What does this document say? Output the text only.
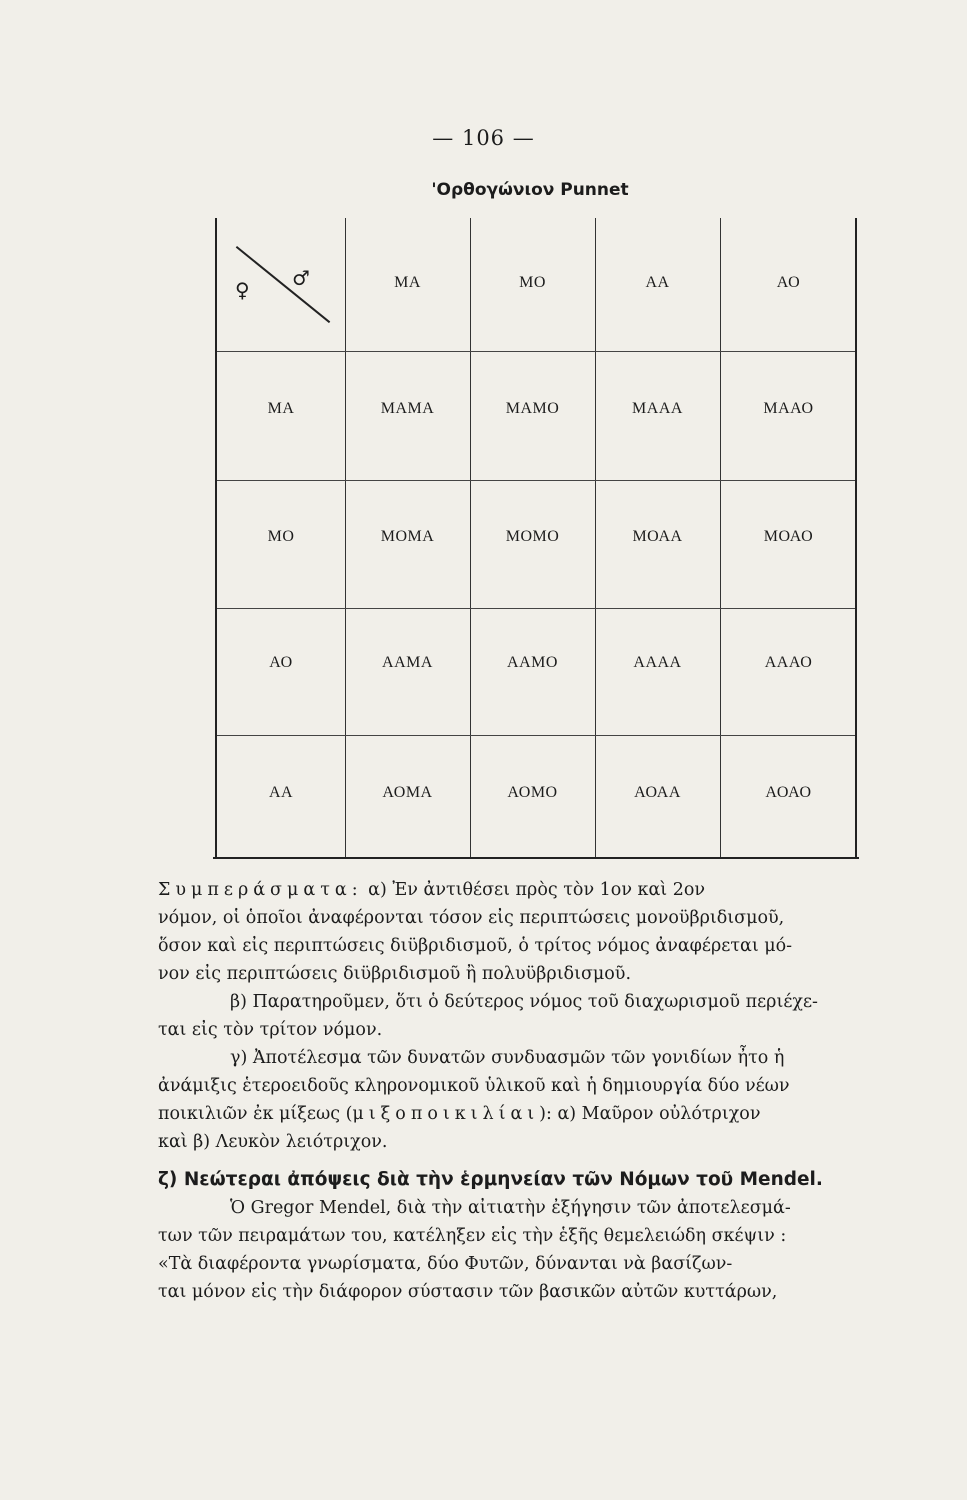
— 106 —
'Ορθογώνιον Punnet
♀ ♂	ΜΑ	ΜΟ	ΑΑ	ΑΟ
ΜΑ	ΜΑΜΑ	ΜΑΜΟ	ΜΑΑΑ	ΜΑΑΟ
ΜΟ	ΜΟΜΑ	ΜΟΜΟ	ΜΟΑΑ	ΜΟΑΟ
ΑΟ	ΑΑΜΑ	ΑΑΜΟ	ΑΑΑΑ	ΑΑΑΟ
ΑΑ	ΑΟΜΑ	ΑΟΜΟ	ΑΟΑΑ	ΑΟΑΟ
Συμπεράσματα: α) Ἐν ἀντιθέσει πρὸς τὸν 1ον καὶ 2ον
νόμον, οἱ ὁποῖοι ἀναφέρονται τόσον εἰς περιπτώσεις μονοϋβριδισμοῦ,
ὅσον καὶ εἰς περιπτώσεις διϋβριδισμοῦ, ὁ τρίτος νόμος ἀναφέρεται μό-
νον εἰς περιπτώσεις διϋβριδισμοῦ ἢ πολυϋβριδισμοῦ.
β) Παρατηροῦμεν, ὅτι ὁ δεύτερος νόμος τοῦ διαχωρισμοῦ περιέχε-
ται εἰς τὸν τρίτον νόμον.
γ) Ἀποτέλεσμα τῶν δυνατῶν συνδυασμῶν τῶν γονιδίων ἦτο ἡ
ἀνάμιξις ἑτεροειδοῦς κληρονομικοῦ ὑλικοῦ καὶ ἡ δημιουργία δύο νέων
ποικιλιῶν ἐκ μίξεως (μιξοποικιλίαι): α) Μαῦρον οὐλότριχον
καὶ β) Λευκὸν λειότριχον.
ζ) Νεώτεραι ἀπόψεις διὰ τὴν ἑρμηνείαν τῶν Νόμων τοῦ Mendel.
Ὁ Gregor Mendel, διὰ τὴν αἰτιατὴν ἐξήγησιν τῶν ἀποτελεσμά-
των τῶν πειραμάτων του, κατέληξεν εἰς τὴν ἑξῆς θεμελειώδη σκέψιν :
«Τὰ διαφέροντα γνωρίσματα, δύο Φυτῶν, δύνανται νὰ βασίζων-
ται μόνον εἰς τὴν διάφορον σύστασιν τῶν βασικῶν αὐτῶν κυττάρων,
